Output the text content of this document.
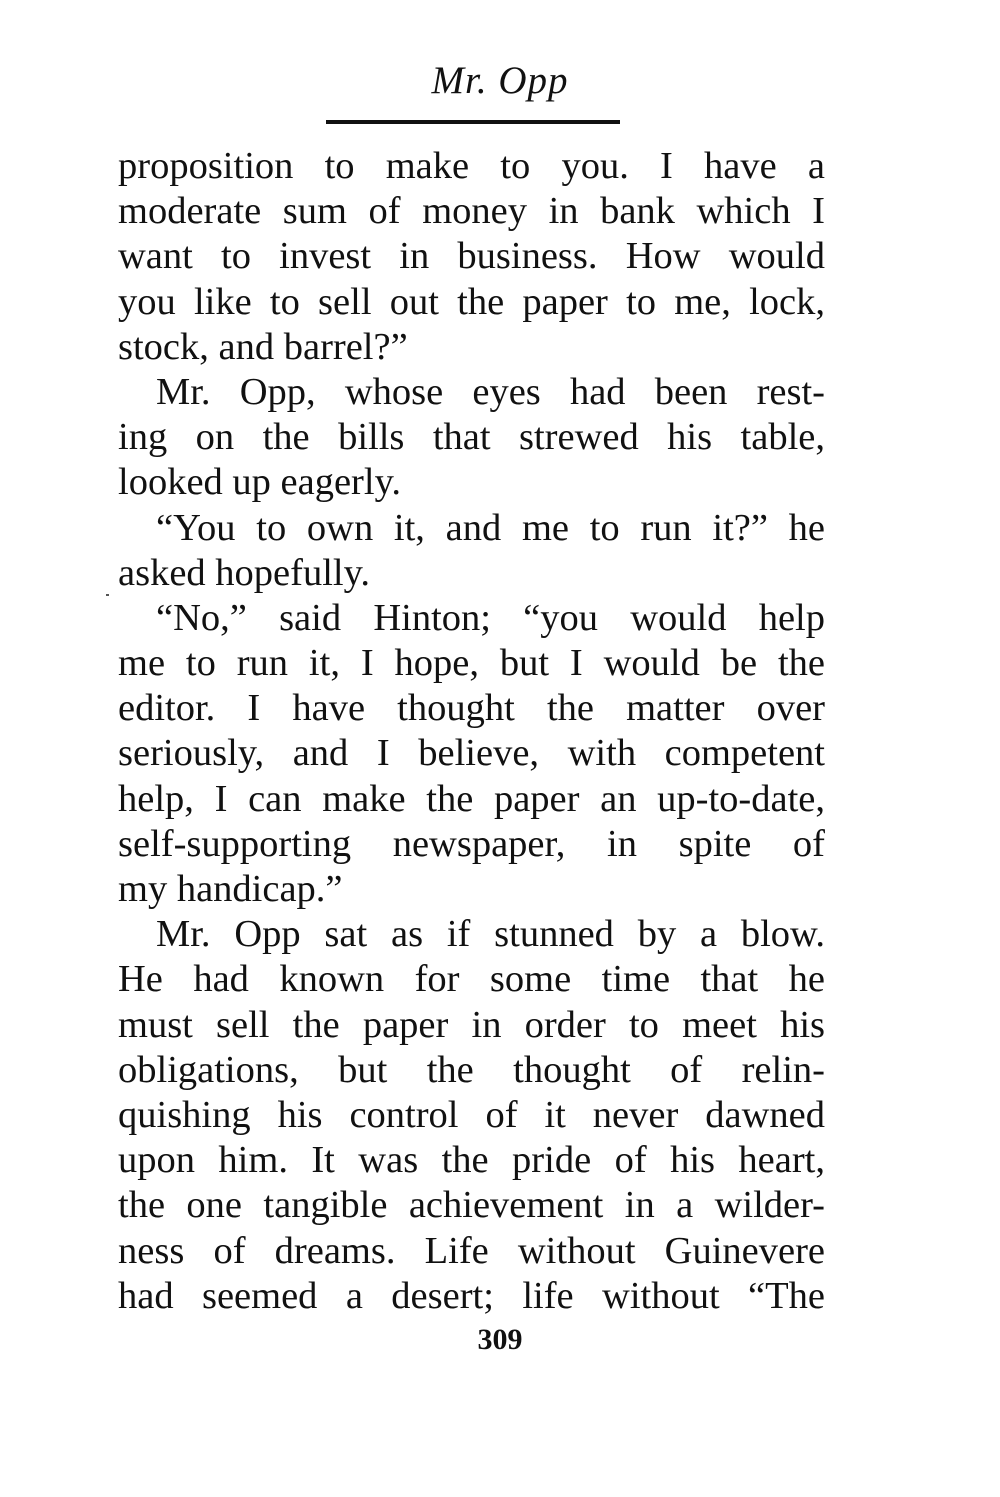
Mr. Opp
proposition to make to you. I have a
moderate sum of money in bank which I
want to invest in business. How would
you like to sell out the paper to me, lock,
stock, and barrel?”
Mr. Opp, whose eyes had been rest-
ing on the bills that strewed his table,
looked up eagerly.
“You to own it, and me to run it?” he
asked hopefully.
“No,” said Hinton; “you would help
me to run it, I hope, but I would be the
editor. I have thought the matter over
seriously, and I believe, with competent
help, I can make the paper an up-to-date,
self-supporting newspaper, in spite of
my handicap.”
Mr. Opp sat as if stunned by a blow.
He had known for some time that he
must sell the paper in order to meet his
obligations, but the thought of relin-
quishing his control of it never dawned
upon him. It was the pride of his heart,
the one tangible achievement in a wilder-
ness of dreams. Life without Guinevere
had seemed a desert; life without “The
309
